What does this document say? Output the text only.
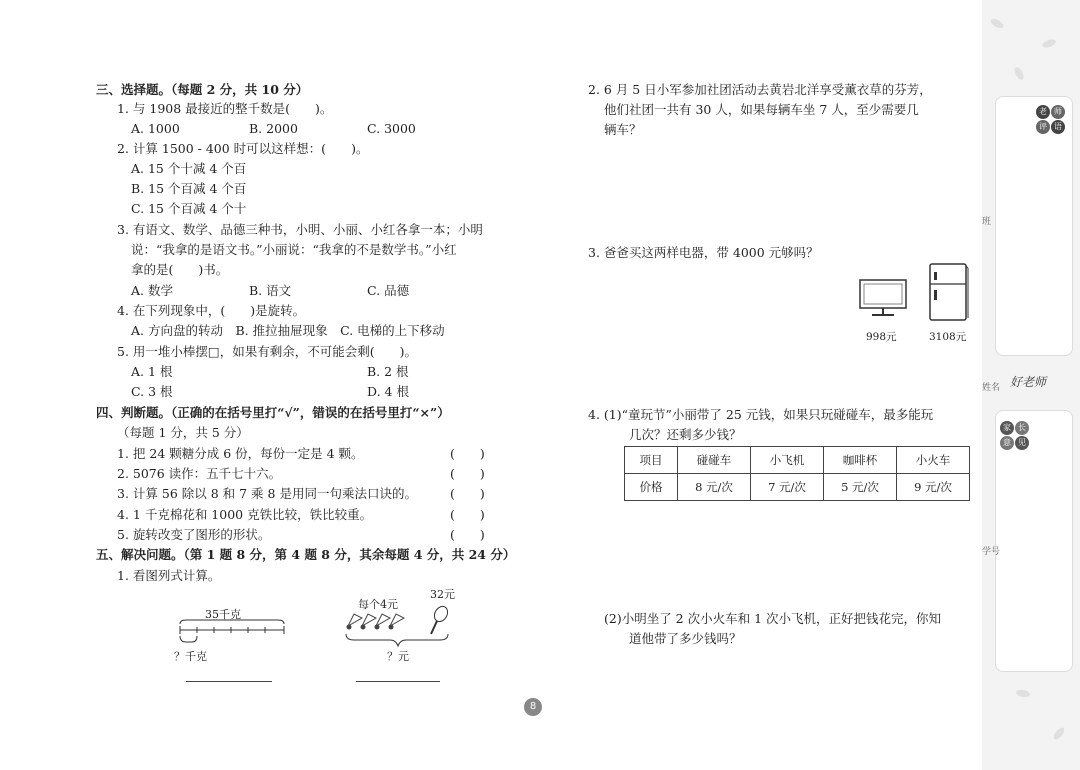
三、选择题。（每题 2 分，共 10 分）
1. 与 1908 最接近的整千数是(　　)。
A. 1000	B. 2000	C. 3000
2. 计算 1500 - 400 时可以这样想：(　　)。
A. 15 个十减 4 个百
B. 15 个百减 4 个百
C. 15 个百减 4 个十
3. 有语文、数学、品德三种书，小明、小丽、小红各拿一本；小明
说：“我拿的是语文书。”小丽说：“我拿的不是数学书。”小红
拿的是(　　)书。
A. 数学	B. 语文	C. 品德
4. 在下列现象中，(　　)是旋转。
A. 方向盘的转动　B. 推拉抽屉现象　C. 电梯的上下移动
5. 用一堆小棒摆□，如果有剩余，不可能会剩(　　)。
A. 1 根	B. 2 根
C. 3 根	D. 4 根
四、判断题。（正确的在括号里打“√”，错误的在括号里打“×”）
（每题 1 分，共 5 分）
1. 把 24 颗糖分成 6 份，每份一定是 4 颗。	(　　)
2. 5076 读作：五千七十六。	(　　)
3. 计算 56 除以 8 和 7 乘 8 是用同一句乘法口诀的。	(　　)
4. 1 千克棉花和 1000 克铁比较，铁比较重。	(　　)
5. 旋转改变了图形的形状。	(　　)
五、解决问题。（第 1 题 8 分，第 4 题 8 分，其余每题 4 分，共 24 分）
1. 看图列式计算。
35千克
？千克
每个4元
32元
？元
2. 6 月 5 日小军参加社团活动去黄岩北洋享受薰衣草的芬芳，
他们社团一共有 30 人，如果每辆车坐 7 人，至少需要几
辆车？
3. 爸爸买这两样电器，带 4000 元够吗？
998元	3108元
4. (1)“童玩节”小丽带了 25 元钱，如果只玩碰碰车，最多能玩
几次？还剩多少钱？
项目	碰碰车	小飞机	咖啡杯	小火车
价格	8 元/次	7 元/次	5 元/次	9 元/次
(2)小明坐了 2 次小火车和 1 次小飞机，正好把钱花完，你知
道他带了多少钱吗？
8
老 师
评 语
班
好老师
姓名
家 长
意 见
学号
